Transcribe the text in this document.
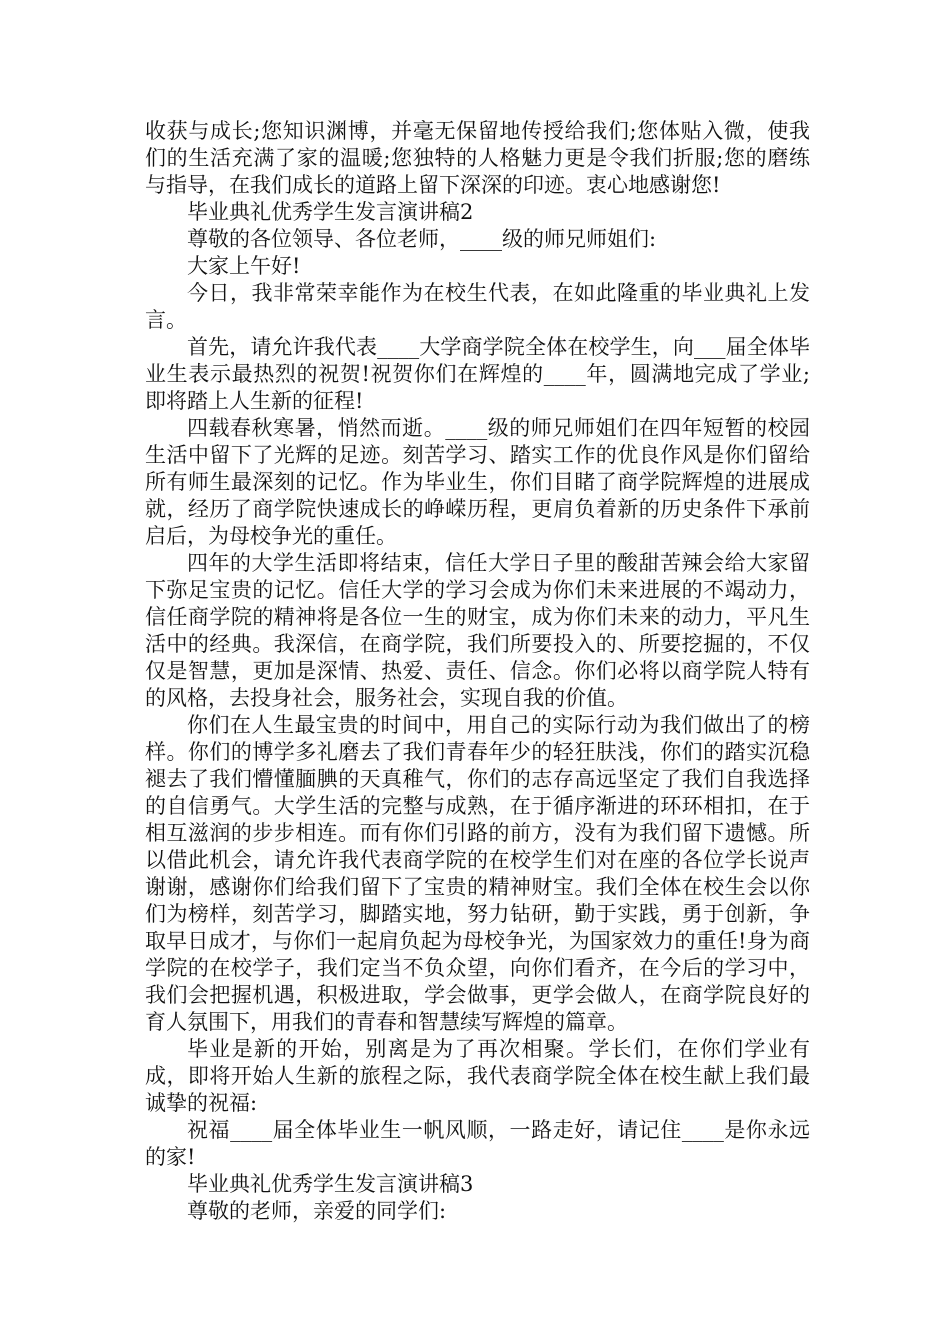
收获与成长;您知识渊博，并毫无保留地传授给我们;您体贴入微，使我们的生活充满了家的温暖;您独特的人格魅力更是令我们折服;您的磨练与指导，在我们成长的道路上留下深深的印迹。衷心地感谢您!

毕业典礼优秀学生发言演讲稿2

尊敬的各位领导、各位老师，____级的师兄师姐们:

大家上午好!

今日，我非常荣幸能作为在校生代表，在如此隆重的毕业典礼上发言。

首先，请允许我代表____大学商学院全体在校学生，向___届全体毕业生表示最热烈的祝贺!祝贺你们在辉煌的____年，圆满地完成了学业;即将踏上人生新的征程!

四载春秋寒暑，悄然而逝。____级的师兄师姐们在四年短暂的校园生活中留下了光辉的足迹。刻苦学习、踏实工作的优良作风是你们留给所有师生最深刻的记忆。作为毕业生，你们目睹了商学院辉煌的进展成就，经历了商学院快速成长的峥嵘历程，更肩负着新的历史条件下承前启后，为母校争光的重任。

四年的大学生活即将结束，信任大学日子里的酸甜苦辣会给大家留下弥足宝贵的记忆。信任大学的学习会成为你们未来进展的不竭动力，信任商学院的精神将是各位一生的财宝，成为你们未来的动力，平凡生活中的经典。我深信，在商学院，我们所要投入的、所要挖掘的，不仅仅是智慧，更加是深情、热爱、责任、信念。你们必将以商学院人特有的风格，去投身社会，服务社会，实现自我的价值。

你们在人生最宝贵的时间中，用自己的实际行动为我们做出了的榜样。你们的博学多礼磨去了我们青春年少的轻狂肤浅，你们的踏实沉稳褪去了我们懵懂腼腆的天真稚气，你们的志存高远坚定了我们自我选择的自信勇气。大学生活的完整与成熟，在于循序渐进的环环相扣，在于相互滋润的步步相连。而有你们引路的前方，没有为我们留下遗憾。所以借此机会，请允许我代表商学院的在校学生们对在座的各位学长说声谢谢，感谢你们给我们留下了宝贵的精神财宝。我们全体在校生会以你们为榜样，刻苦学习，脚踏实地，努力钻研，勤于实践，勇于创新，争取早日成才，与你们一起肩负起为母校争光，为国家效力的重任!身为商学院的在校学子，我们定当不负众望，向你们看齐，在今后的学习中，我们会把握机遇，积极进取，学会做事，更学会做人，在商学院良好的育人氛围下，用我们的青春和智慧续写辉煌的篇章。

毕业是新的开始，别离是为了再次相聚。学长们，在你们学业有成，即将开始人生新的旅程之际，我代表商学院全体在校生献上我们最诚挚的祝福:

祝福____届全体毕业生一帆风顺，一路走好，请记住____是你永远的家!

毕业典礼优秀学生发言演讲稿3

尊敬的老师，亲爱的同学们:
